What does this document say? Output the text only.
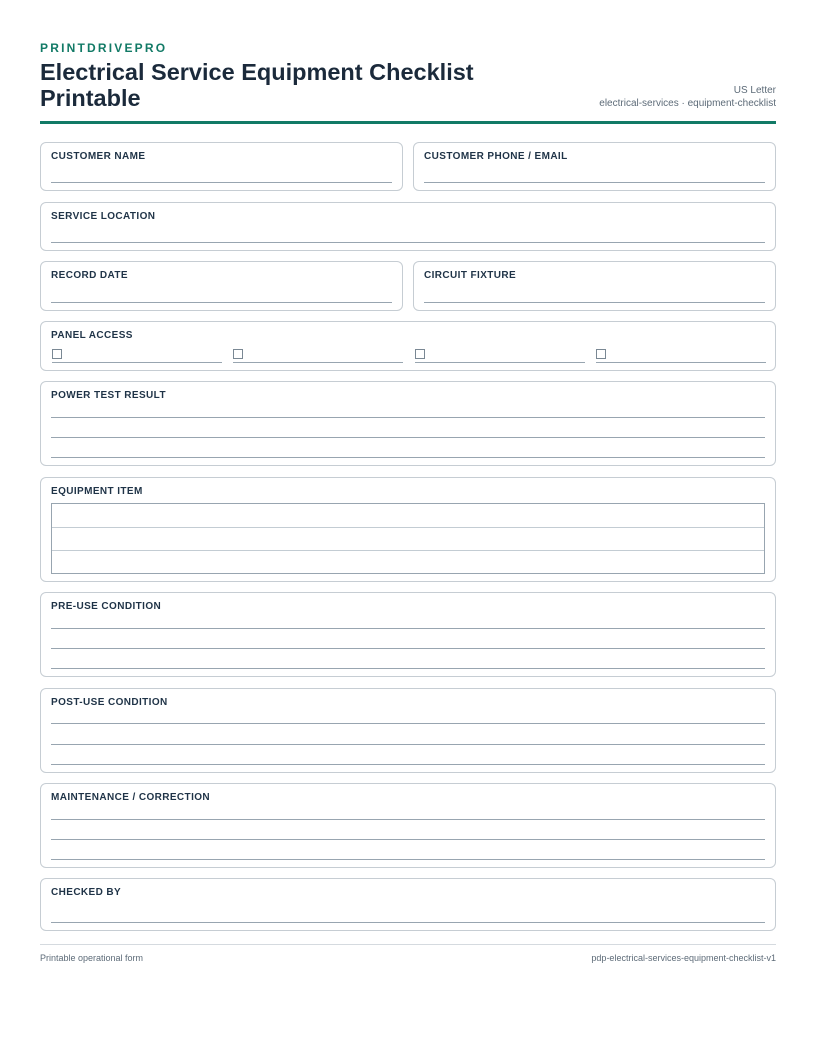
PRINTDRIVEPRO
Electrical Service Equipment Checklist Printable	US Letter
electrical-services · equipment-checklist
CUSTOMER NAME	CUSTOMER PHONE / EMAIL
SERVICE LOCATION
RECORD DATE	CIRCUIT FIXTURE
PANEL ACCESS
POWER TEST RESULT
EQUIPMENT ITEM
PRE-USE CONDITION
POST-USE CONDITION
MAINTENANCE / CORRECTION
CHECKED BY
Printable operational form	pdp-electrical-services-equipment-checklist-v1
